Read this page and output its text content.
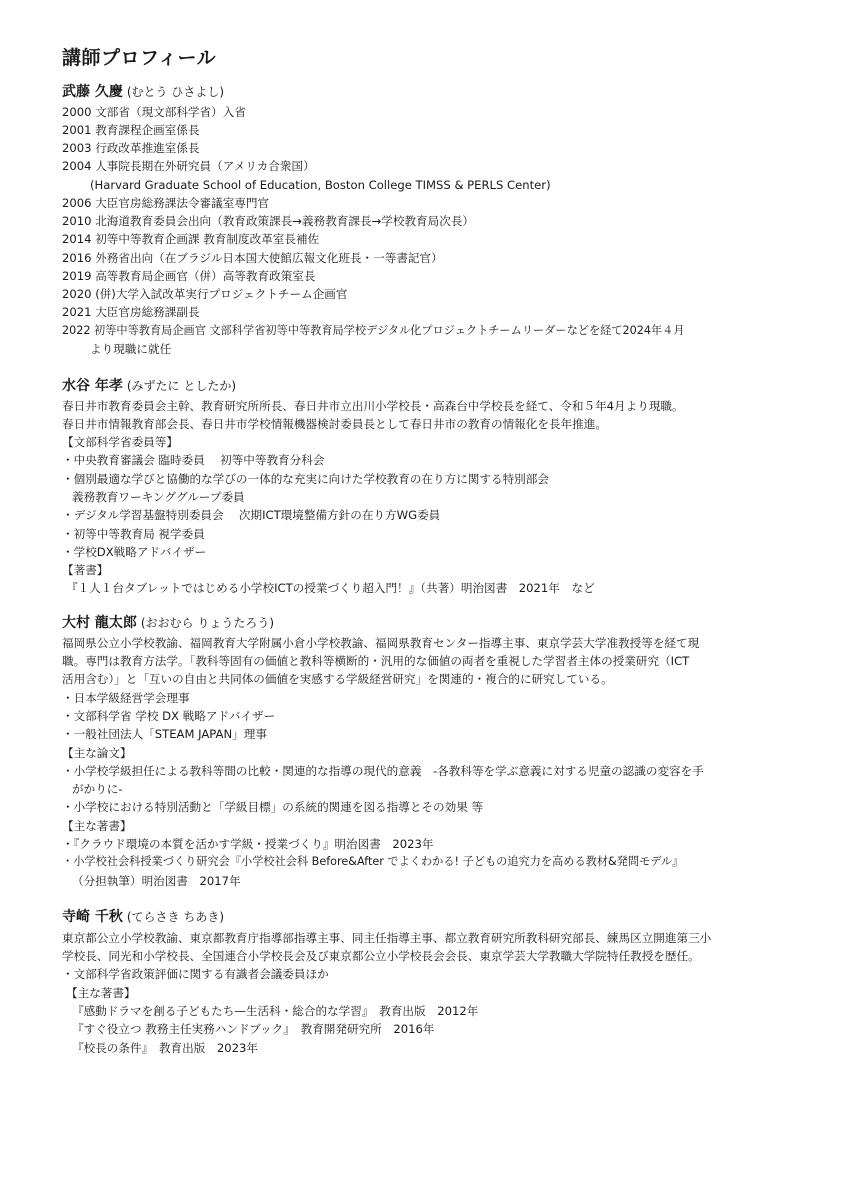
講師プロフィール
武藤 久慶 (むとう ひさよし)
2000 文部省（現文部科学省）入省
2001 教育課程企画室係長
2003 行政改革推進室係長
2004 人事院長期在外研究員（アメリカ合衆国）
(Harvard Graduate School of Education, Boston College TIMSS & PERLS Center)
2006 大臣官房総務課法令審議室専門官
2010 北海道教育委員会出向（教育政策課長→義務教育課長→学校教育局次長）
2014 初等中等教育企画課 教育制度改革室長補佐
2016 外務省出向（在ブラジル日本国大使館広報文化班長・一等書記官）
2019 高等教育局企画官（併）高等教育政策室長
2020 (併)大学入試改革実行プロジェクトチーム企画官
2021 大臣官房総務課副長
2022 初等中等教育局企画官 文部科学省初等中等教育局学校デジタル化プロジェクトチームリーダーなどを経て2024年４月
より現職に就任
水谷 年孝 (みずたに としたか)
春日井市教育委員会主幹、教育研究所所長、春日井市立出川小学校長・高森台中学校長を経て、令和５年4月より現職。
春日井市情報教育部会長、春日井市学校情報機器検討委員長として春日井市の教育の情報化を長年推進。
【文部科学省委員等】
・中央教育審議会 臨時委員　 初等中等教育分科会
・個別最適な学びと協働的な学びの一体的な充実に向けた学校教育の在り方に関する特別部会
義務教育ワーキンググループ委員
・デジタル学習基盤特別委員会　 次期ICT環境整備方針の在り方WG委員
・初等中等教育局 視学委員
・学校DX戦略アドバイザー
【著書】
『１人１台タブレットではじめる小学校ICTの授業づくり超入門！』（共著）明治図書　2021年　など
大村 龍太郎 (おおむら りょうたろう)
福岡県公立小学校教諭、福岡教育大学附属小倉小学校教諭、福岡県教育センター指導主事、東京学芸大学准教授等を経て現
職。専門は教育方法学。「教科等固有の価値と教科等横断的・汎用的な価値の両者を重視した学習者主体の授業研究（ICT
活用含む）」と「互いの自由と共同体の価値を実感する学級経営研究」を関連的・複合的に研究している。
・日本学級経営学会理事
・文部科学省 学校 DX 戦略アドバイザー
・一般社団法人「STEAM JAPAN」理事
【主な論文】
・小学校学級担任による教科等間の比較・関連的な指導の現代的意義　-各教科等を学ぶ意義に対する児童の認識の変容を手
がかりに-
・小学校における特別活動と「学級目標」の系統的関連を図る指導とその効果 等
【主な著書】
・『クラウド環境の本質を活かす学級・授業づくり』明治図書　2023年
・小学校社会科授業づくり研究会『小学校社会科 Before&After でよくわかる! 子どもの追究力を高める教材&発問モデル』
（分担執筆）明治図書　2017年
寺崎 千秋 (てらさき ちあき)
東京都公立小学校教諭、東京都教育庁指導部指導主事、同主任指導主事、都立教育研究所教科研究部長、練馬区立開進第三小
学校長、同光和小学校長、全国連合小学校長会及び東京都公立小学校長会会長、東京学芸大学教職大学院特任教授を歴任。
・文部科学省政策評価に関する有識者会議委員ほか
【主な著書】
『感動ドラマを創る子どもたち—生活科・総合的な学習』　教育出版　2012年
『すぐ役立つ 教務主任実務ハンドブック』　教育開発研究所　2016年
『校長の条件』　教育出版　2023年
